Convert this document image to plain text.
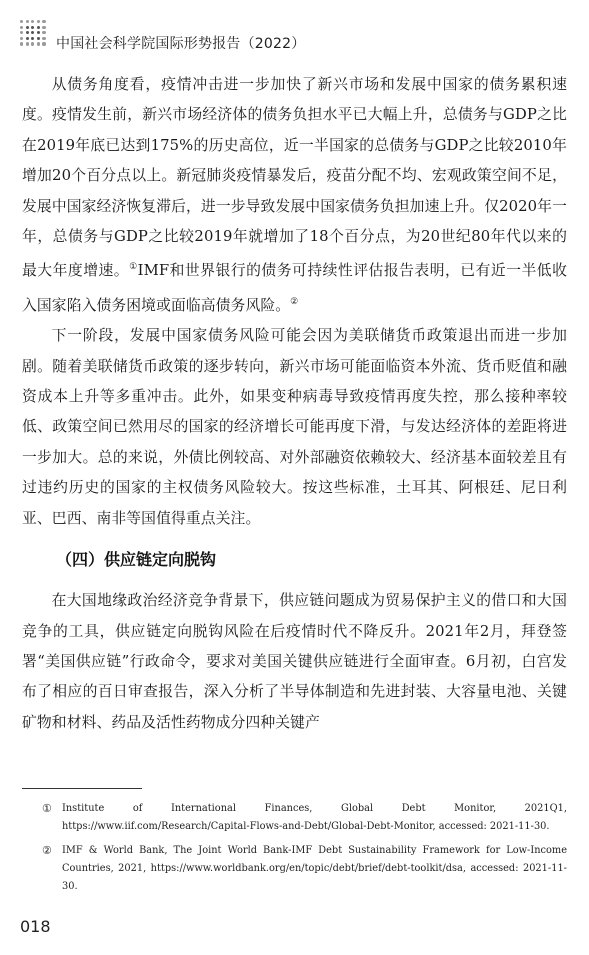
中国社会科学院国际形势报告（2022）

从债务角度看，疫情冲击进一步加快了新兴市场和发展中国家的债务累积速度。疫情发生前，新兴市场经济体的债务负担水平已大幅上升，总债务与GDP之比在2019年底已达到175%的历史高位，近一半国家的总债务与GDP之比较2010年增加20个百分点以上。新冠肺炎疫情暴发后，疫苗分配不均、宏观政策空间不足，发展中国家经济恢复滞后，进一步导致发展中国家债务负担加速上升。仅2020年一年，总债务与GDP之比较2019年就增加了18个百分点，为20世纪80年代以来的最大年度增速。①IMF和世界银行的债务可持续性评估报告表明，已有近一半低收入国家陷入债务困境或面临高债务风险。②

下一阶段，发展中国家债务风险可能会因为美联储货币政策退出而进一步加剧。随着美联储货币政策的逐步转向，新兴市场可能面临资本外流、货币贬值和融资成本上升等多重冲击。此外，如果变种病毒导致疫情再度失控，那么接种率较低、政策空间已然用尽的国家的经济增长可能再度下滑，与发达经济体的差距将进一步加大。总的来说，外债比例较高、对外部融资依赖较大、经济基本面较差且有过违约历史的国家的主权债务风险较大。按这些标准，土耳其、阿根廷、尼日利亚、巴西、南非等国值得重点关注。

（四）供应链定向脱钩

在大国地缘政治经济竞争背景下，供应链问题成为贸易保护主义的借口和大国竞争的工具，供应链定向脱钩风险在后疫情时代不降反升。2021年2月，拜登签署“美国供应链”行政命令，要求对美国关键供应链进行全面审查。6月初，白宫发布了相应的百日审查报告，深入分析了半导体制造和先进封装、大容量电池、关键矿物和材料、药品及活性药物成分四种关键产

①	Institute of International Finances, Global Debt Monitor, 2021Q1, https://www.iif.com/Research/Capital-Flows-and-Debt/Global-Debt-Monitor, accessed: 2021-11-30.
②	IMF & World Bank, The Joint World Bank-IMF Debt Sustainability Framework for Low-Income Countries, 2021, https://www.worldbank.org/en/topic/debt/brief/debt-toolkit/dsa, accessed: 2021-11-30.
018
